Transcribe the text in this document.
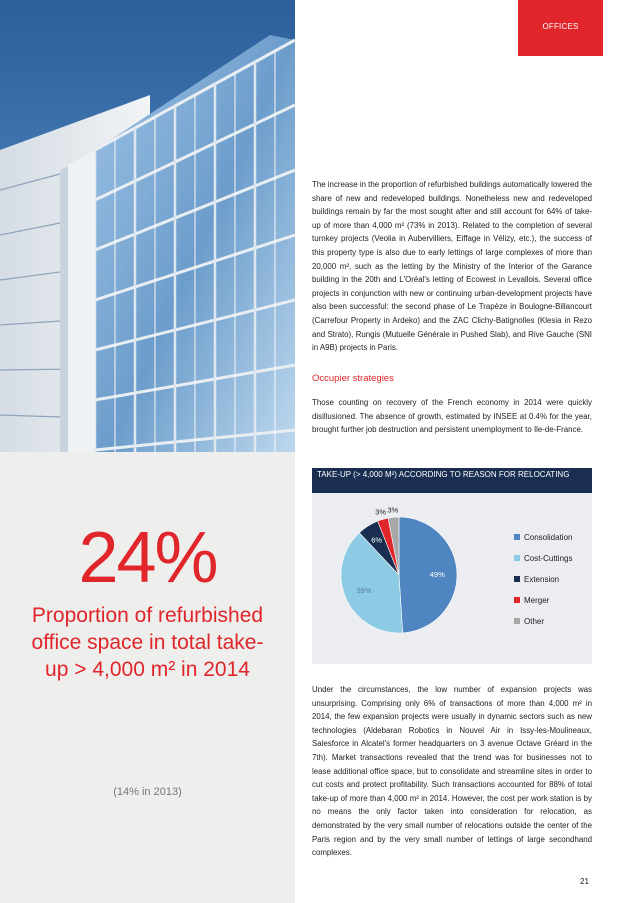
OFFICES
24%
Proportion of refurbished office space in total take-up > 4,000 m² in 2014
(14% in 2013)
The increase in the proportion of refurbished buildings automatically lowered the share of new and redeveloped buildings. Nonetheless new and redeveloped buildings remain by far the most sought after and still account for 64% of take-up of more than 4,000 m² (73% in 2013). Related to the completion of several turnkey projects (Veolia in Aubervilliers, Eiffage in Vélizy, etc.), the success of this property type is also due to early lettings of large complexes of more than 20,000 m², such as the letting by the Ministry of the Interior of the Garance building in the 20th and L'Oréal's letting of Ecowest in Levallois. Several office projects in conjunction with new or continuing urban-development projects have also been successful: the second phase of Le Trapèze in Boulogne-Billancourt (Carrefour Property in Ardeko) and the ZAC Clichy-Batignolles (Klesia in Rezo and Strato), Rungis (Mutuelle Générale in Pushed Slab), and Rive Gauche (SNI in A9B) projects in Paris.
Occupier strategies
Those counting on recovery of the French economy in 2014 were quickly disillusioned. The absence of growth, estimated by INSEE at 0.4% for the year, brought further job destruction and persistent unemployment to Ile-de-France.
TAKE-UP (> 4,000 M²) ACCORDING TO REASON FOR RELOCATING
49%
39%
6%
3% 3%
Consolidation
Cost-Cuttings
Extension
Merger
Other
Under the circumstances, the low number of expansion projects was unsurprising. Comprising only 6% of transactions of more than 4,000 m² in 2014, the few expansion projects were usually in dynamic sectors such as new technologies (Aldebaran Robotics in Nouvel Air in Issy-les-Moulineaux, Salesforce in Alcatel's former headquarters on 3 avenue Octave Gréard in the 7th). Market transactions revealed that the trend was for businesses not to lease additional office space, but to consolidate and streamline sites in order to cut costs and protect profitability. Such transactions accounted for 88% of total take-up of more than 4,000 m² in 2014. However, the cost per work station is by no means the only factor taken into consideration for relocation, as demonstrated by the very small number of relocations outside the center of the Paris region and by the very small number of lettings of large secondhand complexes.
21
